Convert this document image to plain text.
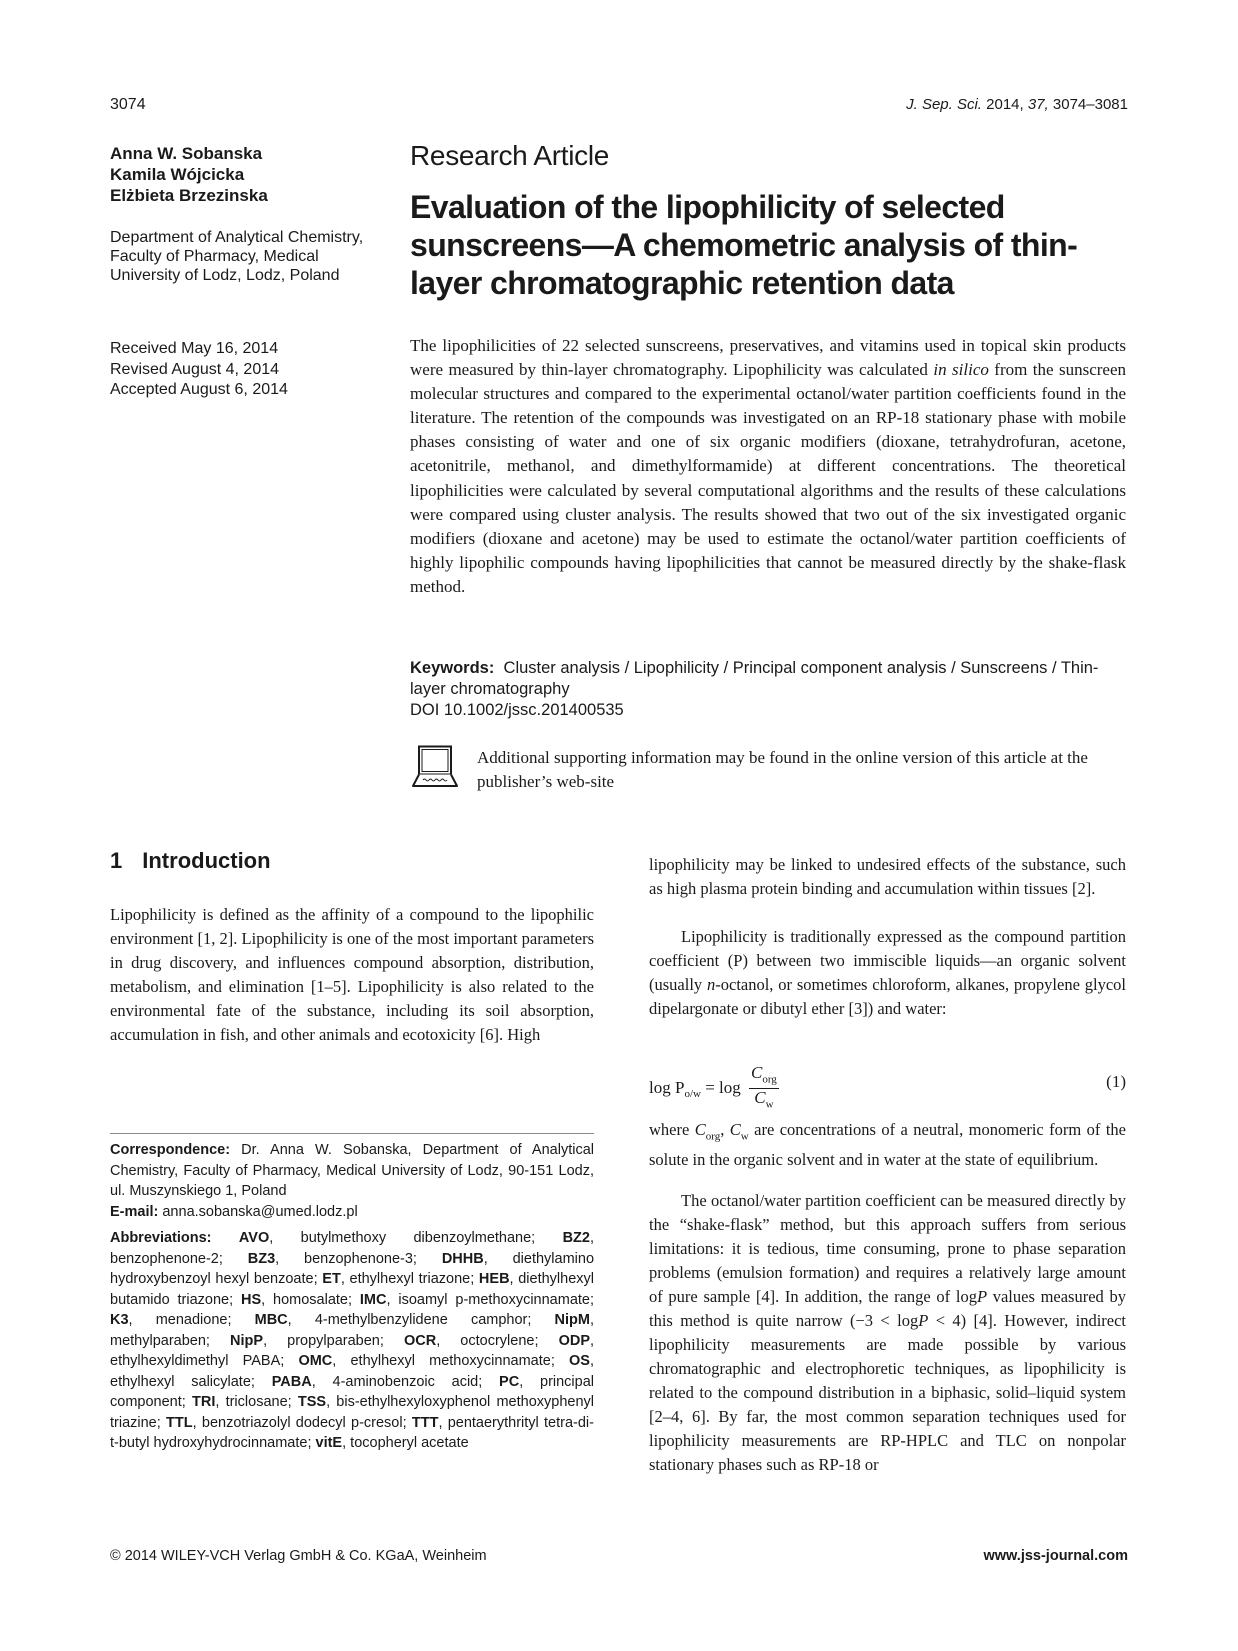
3074	J. Sep. Sci. 2014, 37, 3074–3081
Anna W. Sobanska
Kamila Wójcicka
Elżbieta Brzezinska
Department of Analytical Chemistry, Faculty of Pharmacy, Medical University of Lodz, Lodz, Poland
Received May 16, 2014
Revised August 4, 2014
Accepted August 6, 2014
Research Article
Evaluation of the lipophilicity of selected sunscreens—A chemometric analysis of thin-layer chromatographic retention data

The lipophilicities of 22 selected sunscreens, preservatives, and vitamins used in topical skin products were measured by thin-layer chromatography. Lipophilicity was calculated in silico from the sunscreen molecular structures and compared to the experimental octanol/water partition coefficients found in the literature. The retention of the compounds was investigated on an RP-18 stationary phase with mobile phases consisting of water and one of six organic modifiers (dioxane, tetrahydrofuran, acetone, acetonitrile, methanol, and dimethylformamide) at different concentrations. The theoretical lipophilicities were calculated by several computational algorithms and the results of these calculations were compared using cluster analysis. The results showed that two out of the six investigated organic modifiers (dioxane and acetone) may be used to estimate the octanol/water partition coefficients of highly lipophilic compounds having lipophilicities that cannot be measured directly by the shake-flask method.

Keywords: Cluster analysis / Lipophilicity / Principal component analysis / Sunscreens / Thin-layer chromatography
DOI 10.1002/jssc.201400535
Additional supporting information may be found in the online version of this article at the publisher’s web-site
1 Introduction

Lipophilicity is defined as the affinity of a compound to the lipophilic environment [1, 2]. Lipophilicity is one of the most important parameters in drug discovery, and influences compound absorption, distribution, metabolism, and elimination [1–5]. Lipophilicity is also related to the environmental fate of the substance, including its soil absorption, accumulation in fish, and other animals and ecotoxicity [6]. High

Correspondence: Dr. Anna W. Sobanska, Department of Analytical Chemistry, Faculty of Pharmacy, Medical University of Lodz, 90-151 Lodz, ul. Muszynskiego 1, Poland
E-mail: anna.sobanska@umed.lodz.pl

Abbreviations: AVO, butylmethoxy dibenzoylmethane; BZ2, benzophenone-2; BZ3, benzophenone-3; DHHB, diethylamino hydroxybenzoyl hexyl benzoate; ET, ethylhexyl triazone; HEB, diethylhexyl butamido triazone; HS, homosalate; IMC, isoamyl p-methoxycinnamate; K3, menadione; MBC, 4-methylbenzylidene camphor; NipM, methylparaben; NipP, propylparaben; OCR, octocrylene; ODP, ethylhexyldimethyl PABA; OMC, ethylhexyl methoxycinnamate; OS, ethylhexyl salicylate; PABA, 4-aminobenzoic acid; PC, principal component; TRI, triclosane; TSS, bis-ethylhexyloxyphenol methoxyphenyl triazine; TTL, benzotriazolyl dodecyl p-cresol; TTT, pentaerythrityl tetra-di-t-butyl hydroxyhydrocinnamate; vitE, tocopheryl acetate

lipophilicity may be linked to undesired effects of the substance, such as high plasma protein binding and accumulation within tissues [2].

Lipophilicity is traditionally expressed as the compound partition coefficient (P) between two immiscible liquids—an organic solvent (usually n-octanol, or sometimes chloroform, alkanes, propylene glycol dipelargonate or dibutyl ether [3]) and water:

$\log P_{o/w} = \log \frac{C_{org}}{C_w}$	(1)

where $C_{org}$, $C_w$ are concentrations of a neutral, monomeric form of the solute in the organic solvent and in water at the state of equilibrium.

The octanol/water partition coefficient can be measured directly by the “shake-flask” method, but this approach suffers from serious limitations: it is tedious, time consuming, prone to phase separation problems (emulsion formation) and requires a relatively large amount of pure sample [4]. In addition, the range of logP values measured by this method is quite narrow (−3 < logP < 4) [4]. However, indirect lipophilicity measurements are made possible by various chromatographic and electrophoretic techniques, as lipophilicity is related to the compound distribution in a biphasic, solid–liquid system [2–4, 6]. By far, the most common separation techniques used for lipophilicity measurements are RP-HPLC and TLC on nonpolar stationary phases such as RP-18 or

© 2014 WILEY-VCH Verlag GmbH & Co. KGaA, Weinheim	www.jss-journal.com
